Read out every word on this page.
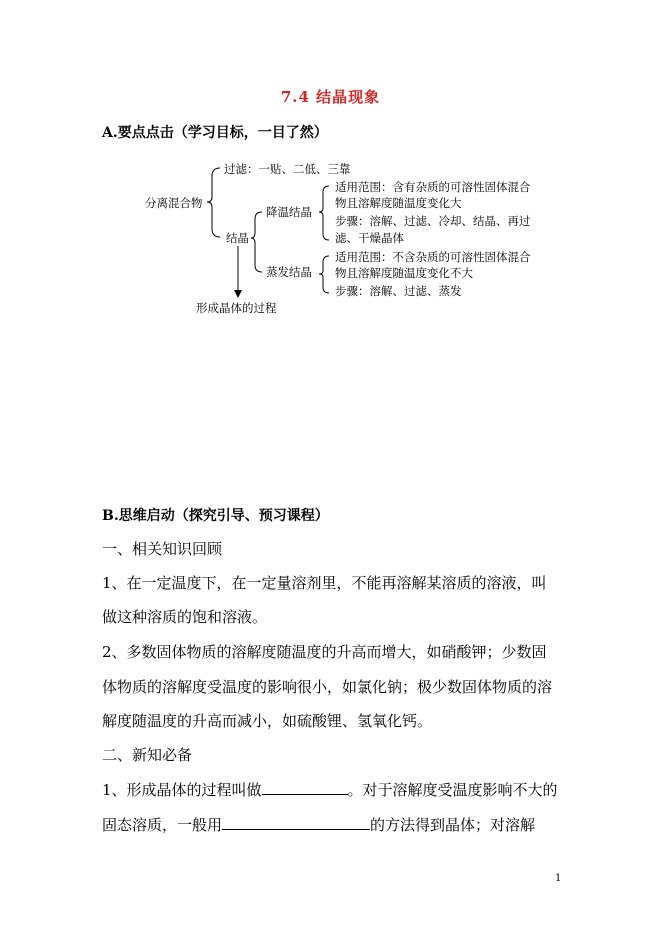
7.4 结晶现象
A.要点点击（学习目标，一目了然）
分离混合物
过滤：一贴、二低、三靠
结晶
降温结晶
适用范围：含有杂质的可溶性固体混合
物且溶解度随温度变化大
步骤：溶解、过滤、冷却、结晶、再过
滤、干燥晶体
蒸发结晶
适用范围：不含杂质的可溶性固体混合
物且溶解度随温度变化不大
步骤：溶解、过滤、蒸发
形成晶体的过程
B.思维启动（探究引导、预习课程）
一、相关知识回顾
1、在一定温度下，在一定量溶剂里，不能再溶解某溶质的溶液，叫
做这种溶质的饱和溶液。
2、多数固体物质的溶解度随温度的升高而增大，如硝酸钾；少数固
体物质的溶解度受温度的影响很小，如氯化钠；极少数固体物质的溶
解度随温度的升高而减小，如硫酸锂、氢氧化钙。
二、新知必备
1、形成晶体的过程叫做	。对于溶解度受温度影响不大的
固态溶质，一般用	的方法得到晶体；对溶解
1
